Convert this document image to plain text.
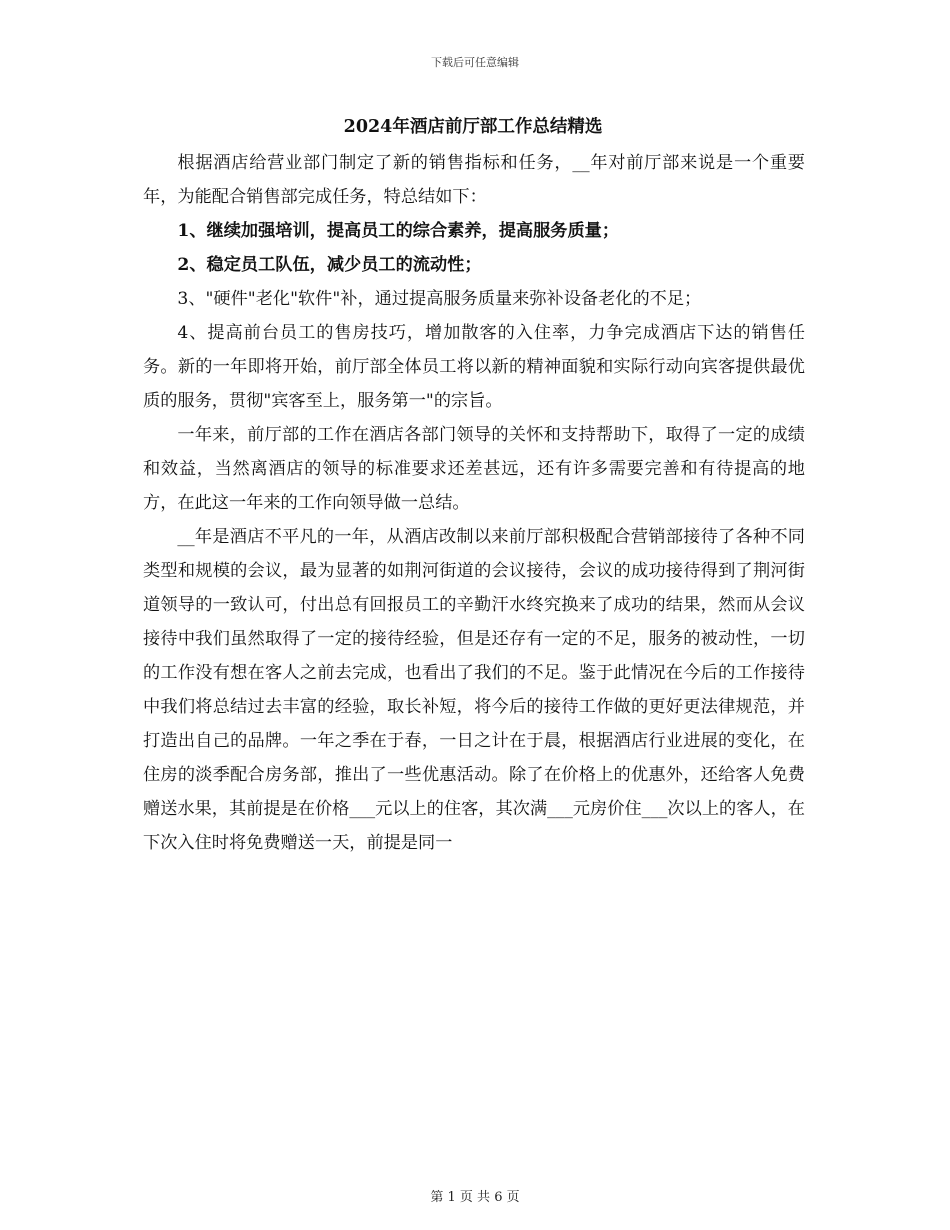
下载后可任意编辑
2024年酒店前厅部工作总结精选

根据酒店给营业部门制定了新的销售指标和任务，__年对前厅部来说是一个重要年，为能配合销售部完成任务，特总结如下：

1、继续加强培训，提高员工的综合素养，提高服务质量；

2、稳定员工队伍，减少员工的流动性；

3、"硬件"老化"软件"补，通过提高服务质量来弥补设备老化的不足；

4、提高前台员工的售房技巧，增加散客的入住率，力争完成酒店下达的销售任务。新的一年即将开始，前厅部全体员工将以新的精神面貌和实际行动向宾客提供最优质的服务，贯彻"宾客至上，服务第一"的宗旨。

一年来，前厅部的工作在酒店各部门领导的关怀和支持帮助下，取得了一定的成绩和效益，当然离酒店的领导的标准要求还差甚远，还有许多需要完善和有待提高的地方，在此这一年来的工作向领导做一总结。

__年是酒店不平凡的一年，从酒店改制以来前厅部积极配合营销部接待了各种不同类型和规模的会议，最为显著的如荆河街道的会议接待，会议的成功接待得到了荆河街道领导的一致认可，付出总有回报员工的辛勤汗水终究换来了成功的结果，然而从会议接待中我们虽然取得了一定的接待经验，但是还存有一定的不足，服务的被动性，一切的工作没有想在客人之前去完成，也看出了我们的不足。鉴于此情况在今后的工作接待中我们将总结过去丰富的经验，取长补短，将今后的接待工作做的更好更法律规范，并打造出自己的品牌。一年之季在于春，一日之计在于晨，根据酒店行业进展的变化，在住房的淡季配合房务部，推出了一些优惠活动。除了在价格上的优惠外，还给客人免费赠送水果，其前提是在价格___元以上的住客，其次满___元房价住___次以上的客人，在下次入住时将免费赠送一天，前提是同一

第 1 页 共 6 页
